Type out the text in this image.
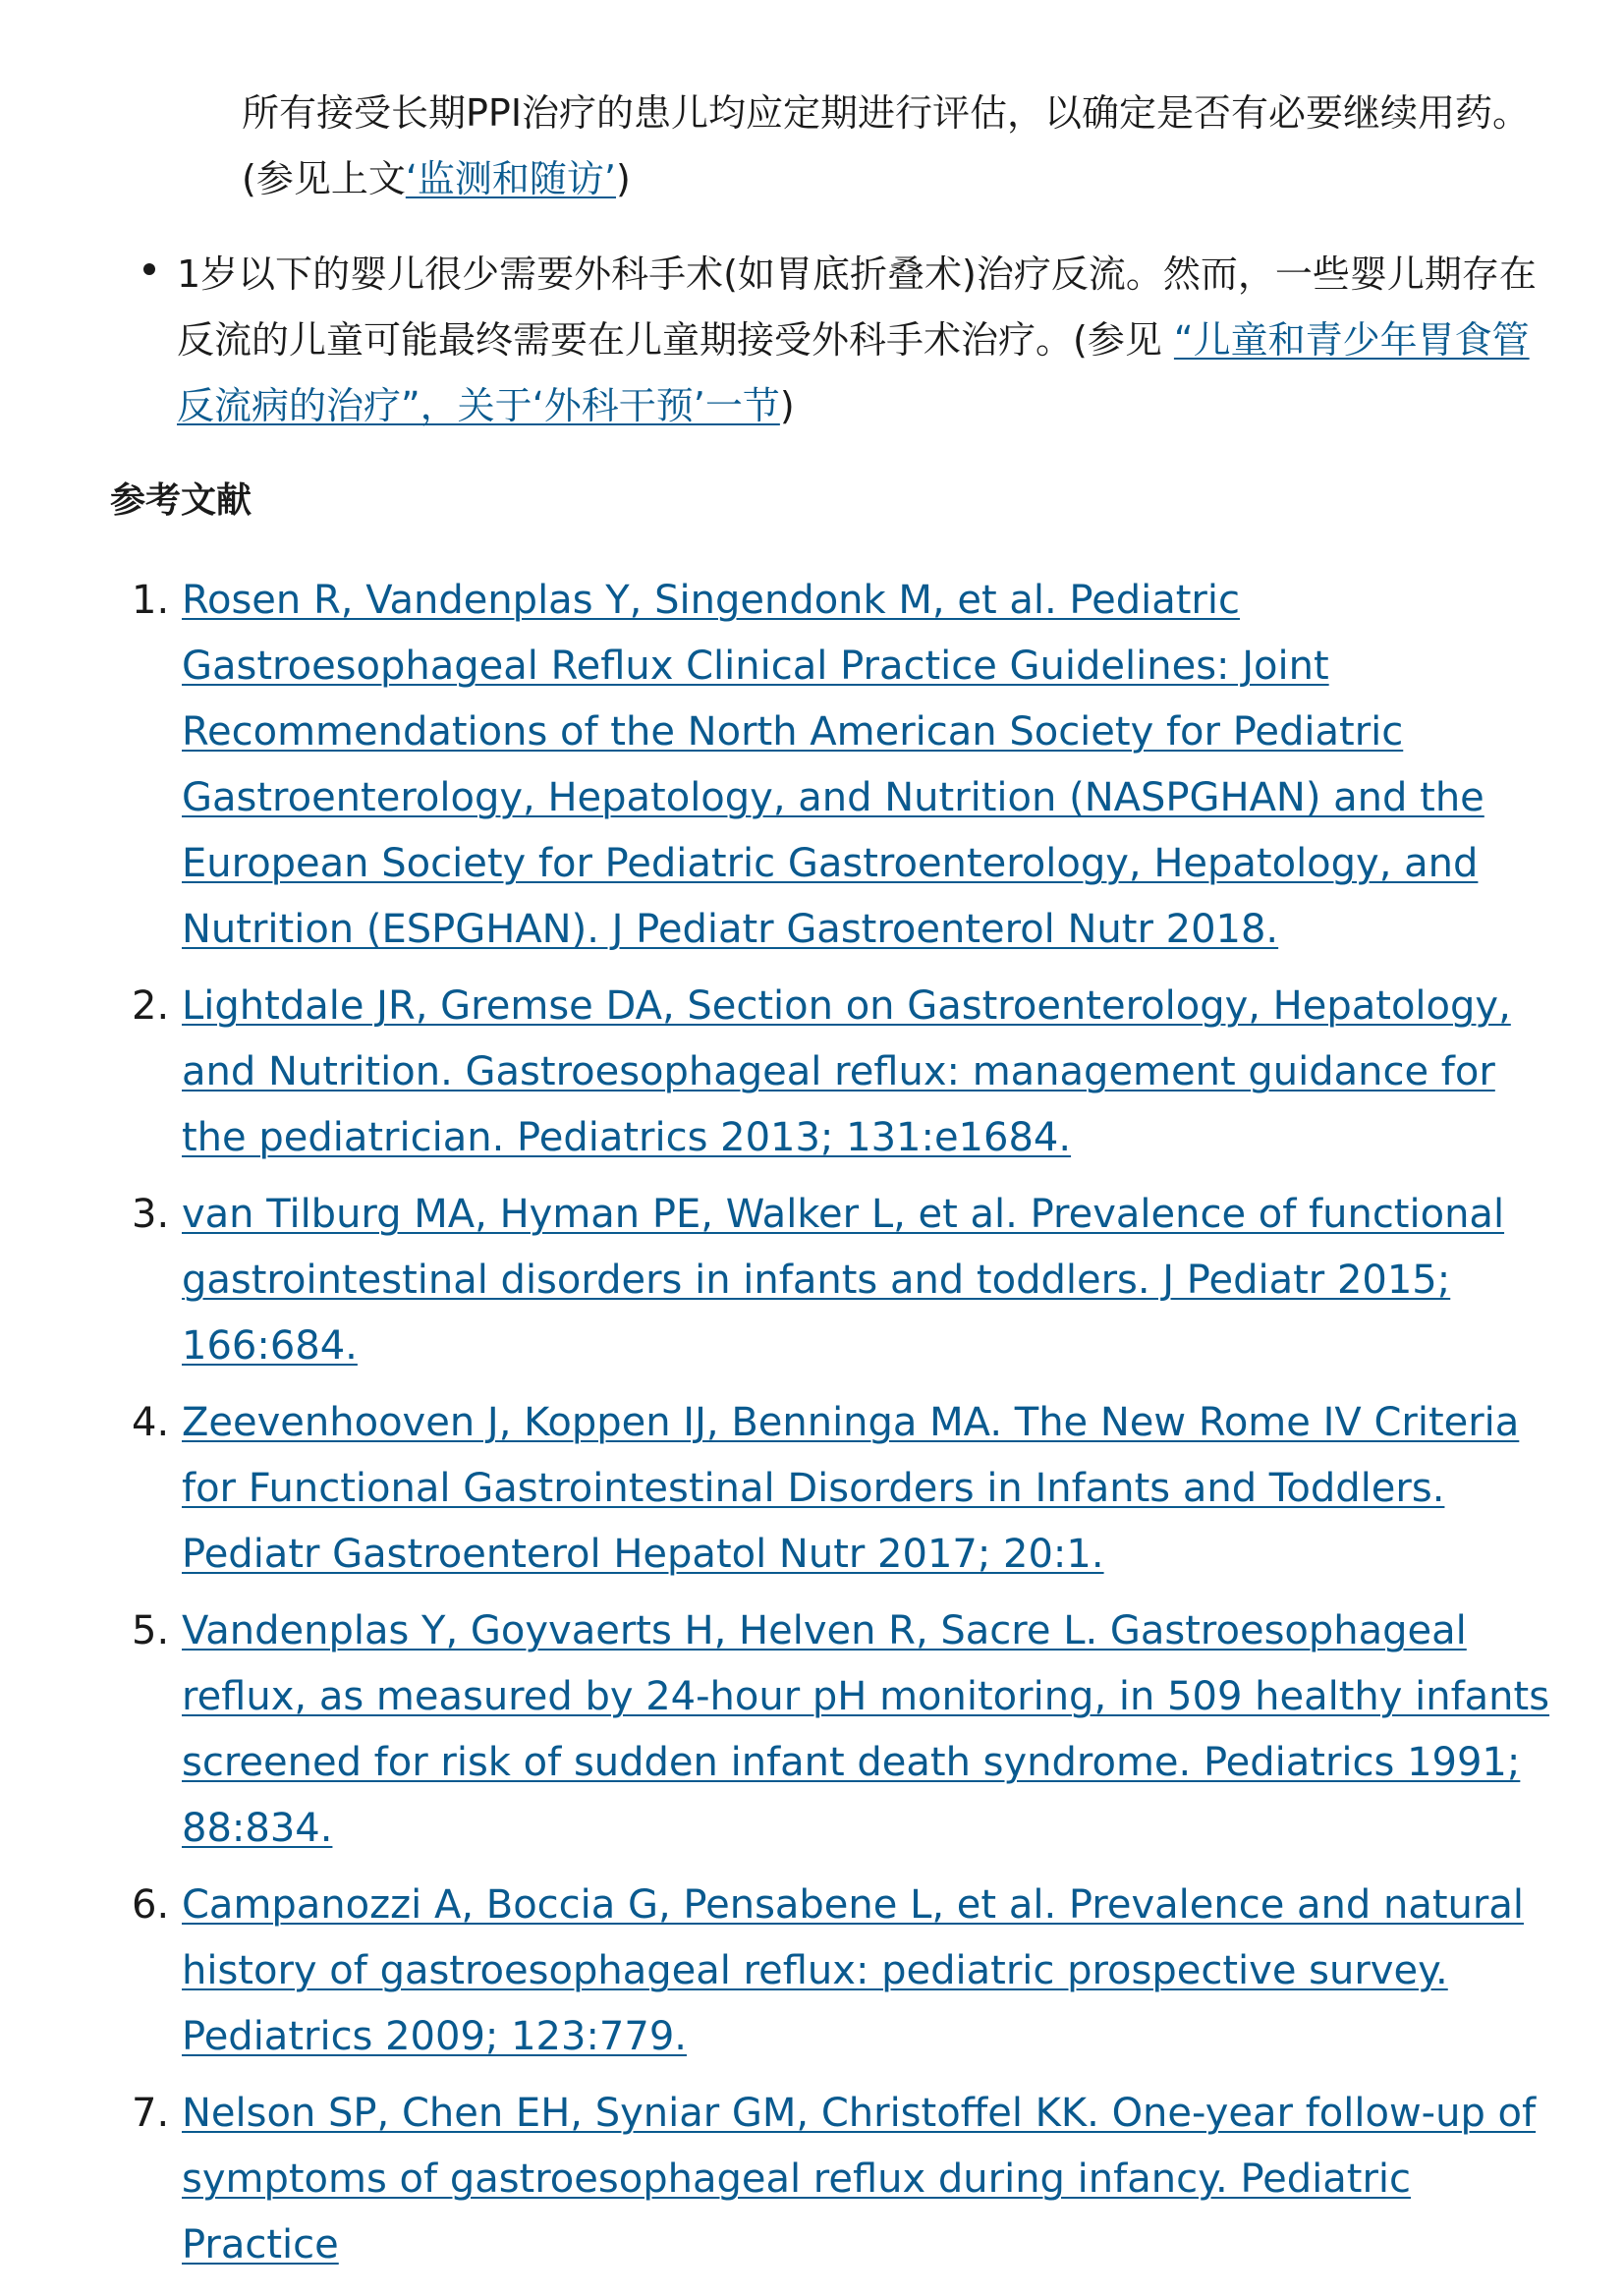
所有接受长期PPI治疗的患儿均应定期进行评估，以确定是否有必要继续用药。(参见上文‘监测和随访’)
1岁以下的婴儿很少需要外科手术(如胃底折叠术)治疗反流。然而，一些婴儿期存在反流的儿童可能最终需要在儿童期接受外科手术治疗。(参见 “儿童和青少年胃食管反流病的治疗”，关于‘外科干预’一节)
参考文献
1. Rosen R, Vandenplas Y, Singendonk M, et al. Pediatric Gastroesophageal Reflux Clinical Practice Guidelines: Joint Recommendations of the North American Society for Pediatric Gastroenterology, Hepatology, and Nutrition (NASPGHAN) and the European Society for Pediatric Gastroenterology, Hepatology, and Nutrition (ESPGHAN). J Pediatr Gastroenterol Nutr 2018.
2. Lightdale JR, Gremse DA, Section on Gastroenterology, Hepatology, and Nutrition. Gastroesophageal reflux: management guidance for the pediatrician. Pediatrics 2013; 131:e1684.
3. van Tilburg MA, Hyman PE, Walker L, et al. Prevalence of functional gastrointestinal disorders in infants and toddlers. J Pediatr 2015; 166:684.
4. Zeevenhooven J, Koppen IJ, Benninga MA. The New Rome IV Criteria for Functional Gastrointestinal Disorders in Infants and Toddlers. Pediatr Gastroenterol Hepatol Nutr 2017; 20:1.
5. Vandenplas Y, Goyvaerts H, Helven R, Sacre L. Gastroesophageal reflux, as measured by 24-hour pH monitoring, in 509 healthy infants screened for risk of sudden infant death syndrome. Pediatrics 1991; 88:834.
6. Campanozzi A, Boccia G, Pensabene L, et al. Prevalence and natural history of gastroesophageal reflux: pediatric prospective survey. Pediatrics 2009; 123:779.
7. Nelson SP, Chen EH, Syniar GM, Christoffel KK. One-year follow-up of symptoms of gastroesophageal reflux during infancy. Pediatric Practice
